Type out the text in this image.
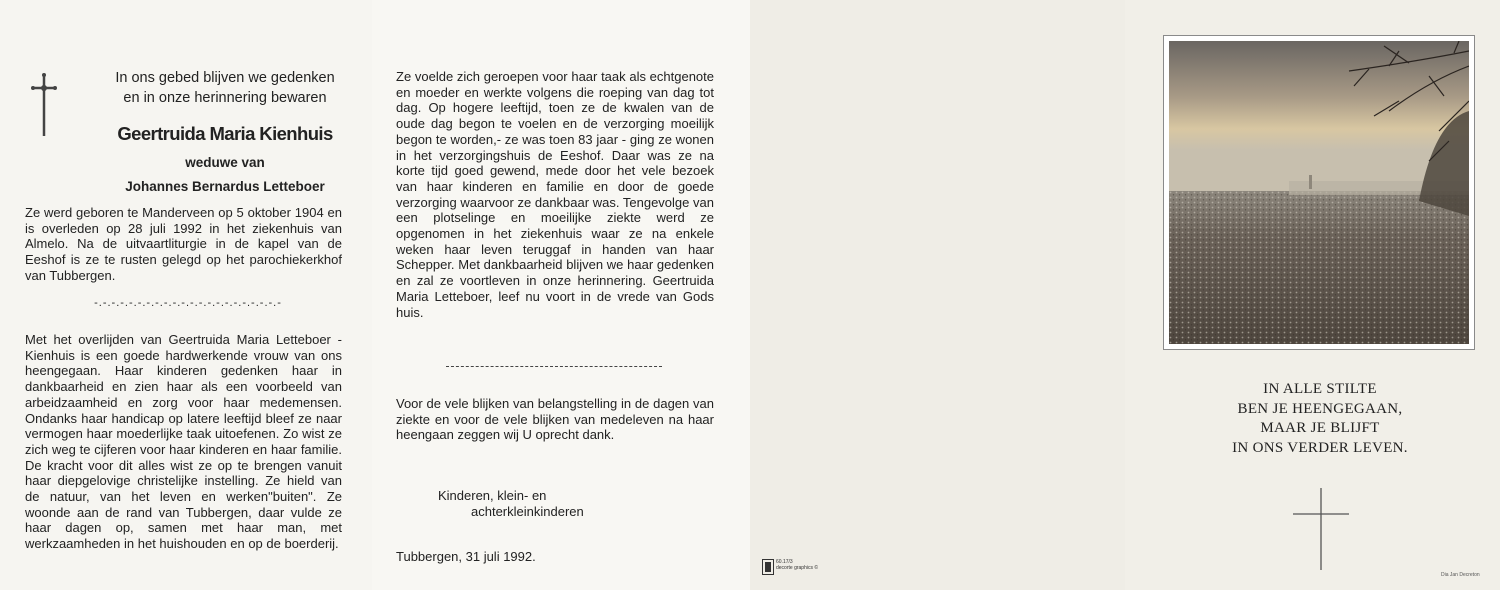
In ons gebed blijven we gedenken
en in onze herinnering bewaren
Geertruida Maria Kienhuis
weduwe van
Johannes Bernardus Letteboer
Ze werd geboren te Manderveen op 5 oktober 1904 en is overleden op 28 juli 1992 in het ziekenhuis van Almelo. Na de uitvaartliturgie in de kapel van de Eeshof is ze te rusten gelegd op het parochiekerkhof van Tubbergen.
-.-.-.-.-.-.-.-.-.-.-.-.-.-.-.-.-.-.-.-.-.-
Met het overlijden van Geertruida Maria Letteboer - Kienhuis is een goede hardwerkende vrouw van ons heengegaan. Haar kinderen gedenken haar in dankbaarheid en zien haar als een voorbeeld van arbeidzaamheid en zorg voor haar medemensen. Ondanks haar handicap op latere leeftijd bleef ze naar vermogen haar moederlijke taak uitoefenen. Zo wist ze zich weg te cijferen voor haar kinderen en haar familie. De kracht voor dit alles wist ze op te brengen vanuit haar diepgelovige christelijke instelling. Ze hield van de natuur, van het leven en werken"buiten". Ze woonde aan de rand van Tubbergen, daar vulde ze haar dagen op, samen met haar man, met werkzaamheden in het huishouden en op de boerderij.
Ze voelde zich geroepen voor haar taak als echtgenote en moeder en werkte volgens die roeping van dag tot dag. Op hogere leeftijd, toen ze de kwalen van de oude dag begon te voelen en de verzorging moeilijk begon te worden,- ze was toen 83 jaar - ging ze wonen in het verzorgingshuis de Eeshof. Daar was ze na korte tijd goed gewend, mede door het vele bezoek van haar kinderen en familie en door de goede verzorging waarvoor ze dankbaar was. Tengevolge van een plotselinge en moeilijke ziekte werd ze opgenomen in het ziekenhuis waar ze na enkele weken haar leven teruggaf in handen van haar Schepper. Met dankbaarheid blijven we haar gedenken en zal ze voortleven in onze herinnering. Geertruida Maria Letteboer, leef nu voort in de vrede van Gods huis.
Voor de vele blijken van belangstelling in de dagen van ziekte en voor de vele blijken van medeleven na haar heengaan zeggen wij U oprecht dank.
Kinderen, klein- en
achterkleinkinderen
Tubbergen, 31 juli 1992.	60.17/3
decorte graphics ©
IN ALLE STILTE
BEN JE HEENGEGAAN,
MAAR JE BLIJFT
IN ONS VERDER LEVEN.
Dia Jan Decreton
